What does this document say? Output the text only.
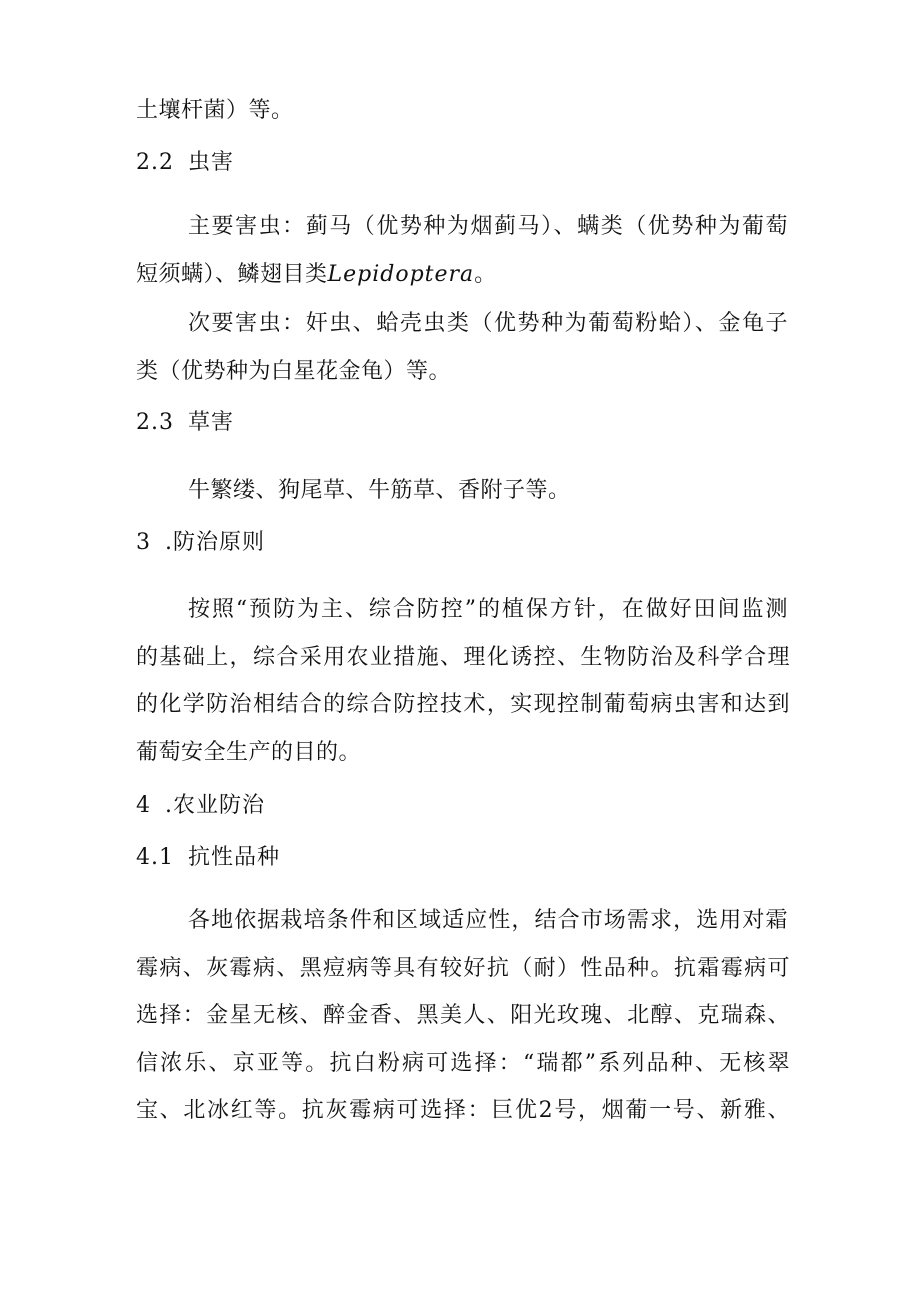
土壤杆菌）等。
2.2 虫害
主要害虫：蓟马（优势种为烟蓟马）、螨类（优势种为葡萄
短须螨）、鳞翅目类Lepidoptera。
次要害虫：奸虫、蛤壳虫类（优势种为葡萄粉蛤）、金龟子
类（优势种为白星花金龟）等。
2.3 草害
牛繁缕、狗尾草、牛筋草、香附子等。
3 .防治原则
按照“预防为主、综合防控”的植保方针，在做好田间监测
的基础上，综合采用农业措施、理化诱控、生物防治及科学合理
的化学防治相结合的综合防控技术，实现控制葡萄病虫害和达到
葡萄安全生产的目的。
4 .农业防治
4.1 抗性品种
各地依据栽培条件和区域适应性，结合市场需求，选用对霜
霉病、灰霉病、黑痘病等具有较好抗（耐）性品种。抗霜霉病可
选择：金星无核、醉金香、黑美人、阳光玫瑰、北醇、克瑞森、
信浓乐、京亚等。抗白粉病可选择：“瑞都”系列品种、无核翠
宝、北冰红等。抗灰霉病可选择：巨优2号，烟葡一号、新雅、
